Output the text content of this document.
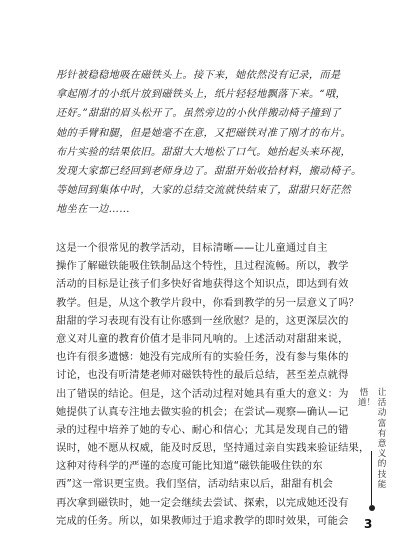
彤针被稳稳地吸在磁铁头上。接下来，她依然没有记录，而是
拿起刚才的小纸片放到磁铁头上，纸片轻轻地飘落下来。“哦，
还好。”甜甜的眉头松开了。虽然旁边的小伙伴搬动椅子撞到了
她的手臂和腿，但是她毫不在意，又把磁铁对准了刚才的布片。
布片实验的结果依旧。甜甜大大地松了口气。她抬起头来环视，
发现大家都已经回到老师身边了。甜甜开始收拾材料，搬动椅子。
等她回到集体中时，大家的总结交流就快结束了，甜甜只好茫然
地坐在一边……
这是一个很常见的教学活动，目标清晰——让儿童通过自主
操作了解磁铁能吸住铁制品这个特性，且过程流畅。所以，教学
活动的目标是让孩子们多快好省地获得这个知识点，即达到有效
教学。但是，从这个教学片段中，你看到教学的另一层意义了吗？
甜甜的学习表现有没有让你感到一丝欣慰？是的，这更深层次的
意义对儿童的教育价值才是非同凡响的。上述活动对甜甜来说，
也许有很多遗憾：她没有完成所有的实验任务，没有参与集体的
讨论，也没有听清楚老师对磁铁特性的最后总结，甚至差点就得
出了错误的结论。但是，这个活动过程对她具有重大的意义：为
她提供了认真专注地去做实验的机会；在尝试—观察—确认—记
录的过程中培养了她的专心、耐心和信心；尤其是发现自己的错
误时，她不愿从权威，能及时反思，坚持通过亲自实践来验证结果，
这种对待科学的严谨的态度可能比知道“磁铁能吸住铁的东
西”这一常识更宝贵。我们坚信，活动结束以后，甜甜有机会
再次拿到磁铁时，她一定会继续去尝试、探索，以完成她还没有
完成的任务。所以，如果教师过于追求教学的即时效果，可能会
悟道！
让活动富有意义的技能
3
